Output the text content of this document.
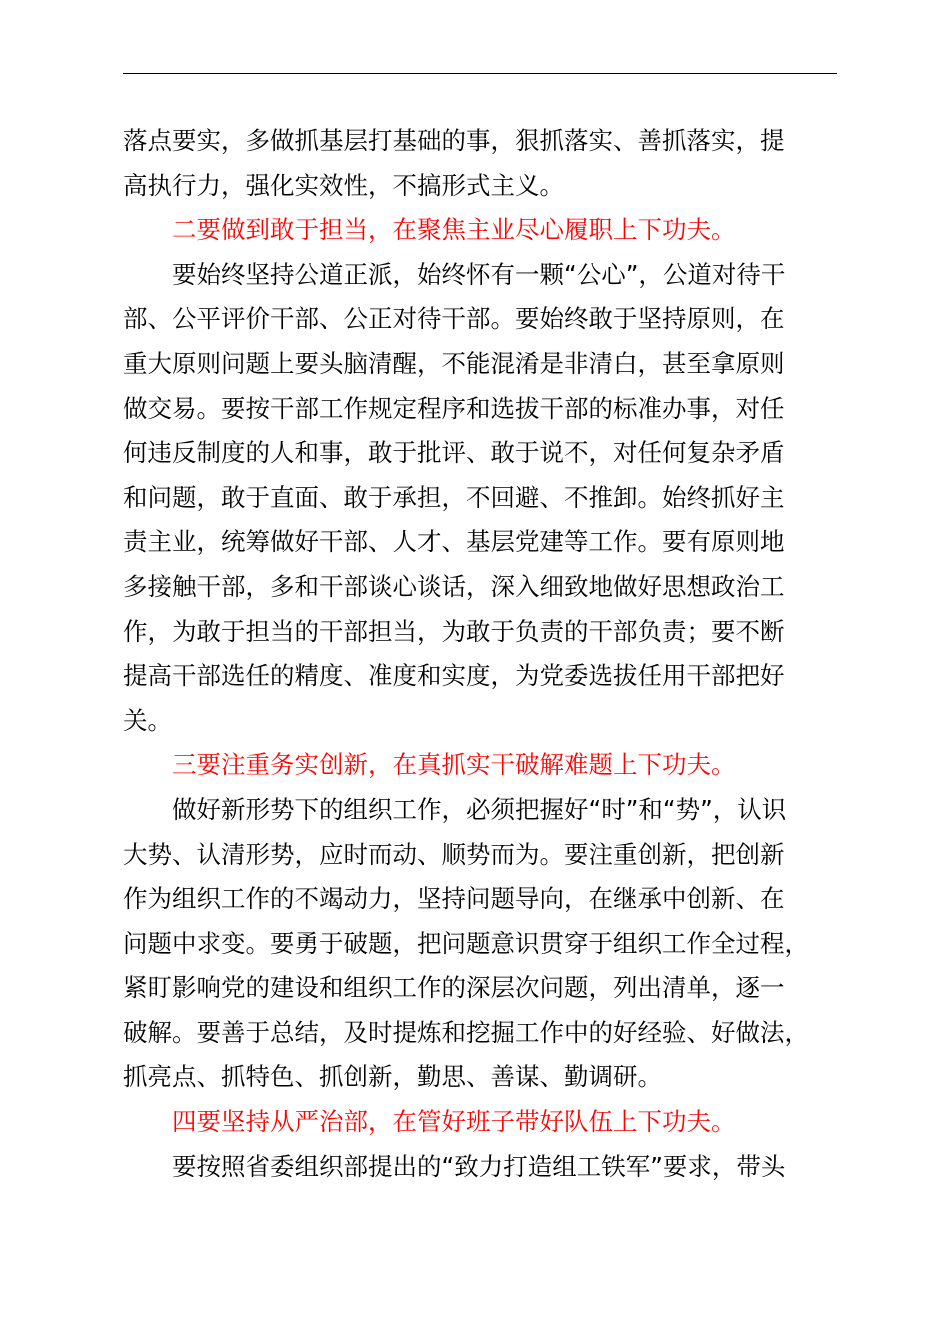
落点要实，多做抓基层打基础的事，狠抓落实、善抓落实，提
高执行力，强化实效性，不搞形式主义。
二要做到敢于担当，在聚焦主业尽心履职上下功夫。
要始终坚持公道正派，始终怀有一颗“公心”，公道对待干
部、公平评价干部、公正对待干部。要始终敢于坚持原则，在
重大原则问题上要头脑清醒，不能混淆是非清白，甚至拿原则
做交易。要按干部工作规定程序和选拔干部的标准办事，对任
何违反制度的人和事，敢于批评、敢于说不，对任何复杂矛盾
和问题，敢于直面、敢于承担，不回避、不推卸。始终抓好主
责主业，统筹做好干部、人才、基层党建等工作。要有原则地
多接触干部，多和干部谈心谈话，深入细致地做好思想政治工
作，为敢于担当的干部担当，为敢于负责的干部负责；要不断
提高干部选任的精度、准度和实度，为党委选拔任用干部把好
关。
三要注重务实创新，在真抓实干破解难题上下功夫。
做好新形势下的组织工作，必须把握好“时”和“势”，认识
大势、认清形势，应时而动、顺势而为。要注重创新，把创新
作为组织工作的不竭动力，坚持问题导向，在继承中创新、在
问题中求变。要勇于破题，把问题意识贯穿于组织工作全过程，
紧盯影响党的建设和组织工作的深层次问题，列出清单，逐一
破解。要善于总结，及时提炼和挖掘工作中的好经验、好做法，
抓亮点、抓特色、抓创新，勤思、善谋、勤调研。
四要坚持从严治部，在管好班子带好队伍上下功夫。
要按照省委组织部提出的“致力打造组工铁军”要求，带头
